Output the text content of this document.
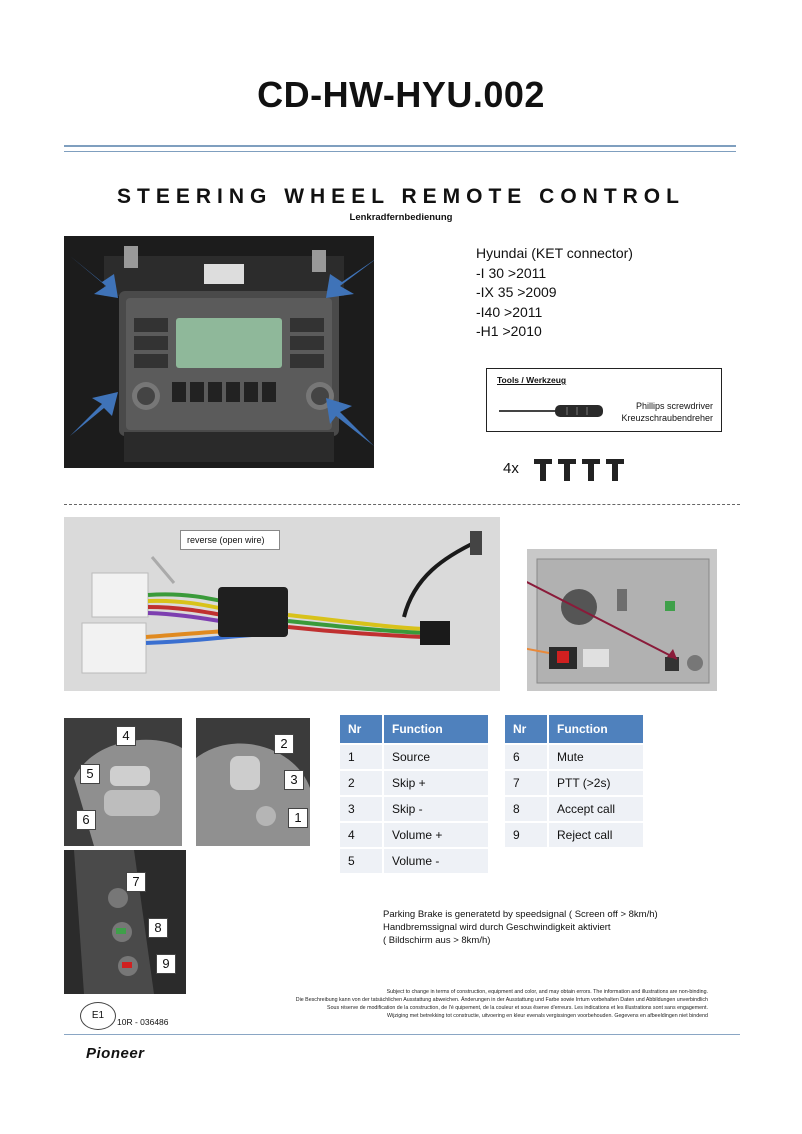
CD-HW-HYU.002
STEERING WHEEL REMOTE CONTROL
Lenkradfernbedienung
Hyundai (KET connector)
-I 30 >2011
-IX 35 >2009
-I40 >2011
-H1 >2010
Tools / Werkzeug
Phillips screwdriver
Kreuzschraubendreher
4x
reverse (open wire)
4
5
6
2
3
1
7
8
9
Nr	Function
1	Source
2	Skip +
3	Skip -
4	Volume +
5	Volume -
Nr	Function
6	Mute
7	PTT (>2s)
8	Accept call
9	Reject call
Parking Brake is generatetd by speedsignal ( Screen off > 8km/h)
Handbremssignal wird durch Geschwindigkeit aktiviert
( Bildschirm aus > 8km/h)
Subject to change in terms of construction, equipment and color, and may obtain errors. The information and illustrations are non-binding.
Die Beschreibung kann von der tatsächlichen Ausstattung abweichen. Änderungen in der Ausstattung und Farbe sowie Irrtum vorbehalten Daten und Abbildungen unverbindlich
Sous réserve de modification de la construction, de l'é quipement, de la couleur et sous êserve d'erreurs. Les indications et les illustrations sont sans engagement.
Wijziging met betrekking tot constructie, uitvoering en kleur evenals vergissingen voorbehouden. Gegevens en afbeeldingen niet bindend
E1
10R - 036486
Pioneer
